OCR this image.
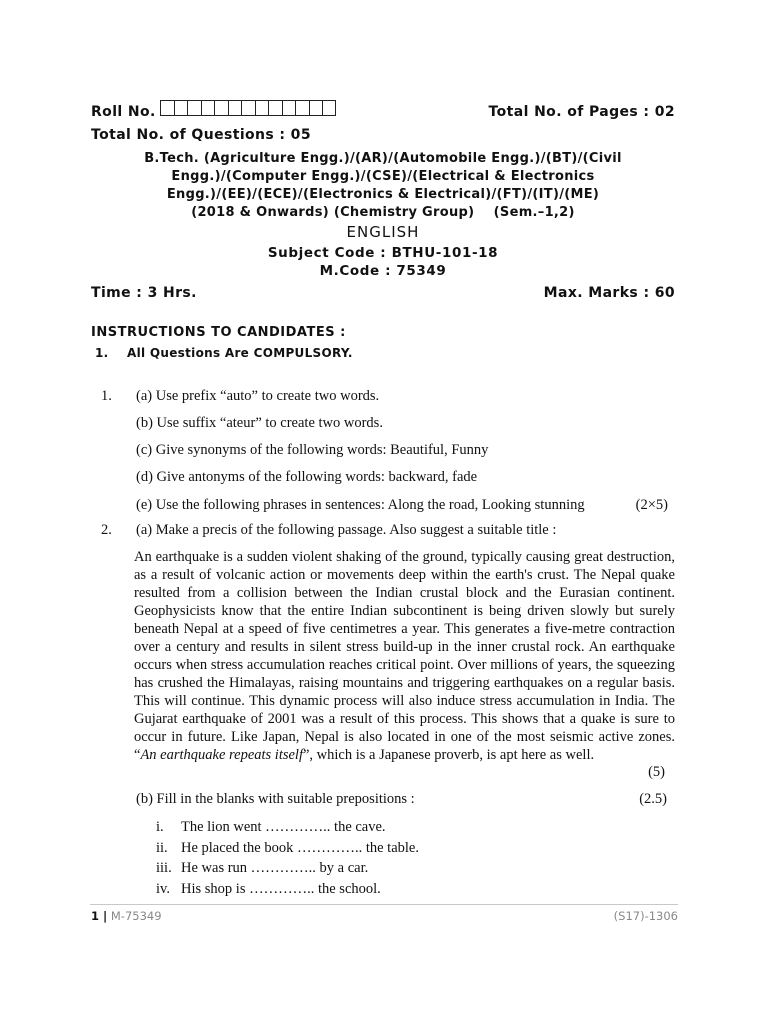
Roll No.	Total No. of Pages : 02
Total No. of Questions : 05
B.Tech. (Agriculture Engg.)/(AR)/(Automobile Engg.)/(BT)/(Civil
Engg.)/(Computer Engg.)/(CSE)/(Electrical & Electronics
Engg.)/(EE)/(ECE)/(Electronics & Electrical)/(FT)/(IT)/(ME)
(2018 & Onwards) (Chemistry Group)    (Sem.–1,2)
ENGLISH
Subject Code : BTHU-101-18
M.Code : 75349
Time : 3 Hrs.	Max. Marks : 60
INSTRUCTIONS TO CANDIDATES :
1. All Questions Are COMPULSORY.
1. (a) Use prefix “auto” to create two words.
(b) Use suffix “ateur” to create two words.
(c) Give synonyms of the following words: Beautiful, Funny
(d) Give antonyms of the following words: backward, fade
(e) Use the following phrases in sentences: Along the road, Looking stunning	(2×5)
2. (a) Make a precis of the following passage. Also suggest a suitable title :
An earthquake is a sudden violent shaking of the ground, typically causing great destruction, as a result of volcanic action or movements deep within the earth's crust. The Nepal quake resulted from a collision between the Indian crustal block and the Eurasian continent. Geophysicists know that the entire Indian subcontinent is being driven slowly but surely beneath Nepal at a speed of five centimetres a year. This generates a five-metre contraction over a century and results in silent stress build-up in the inner crustal rock. An earthquake occurs when stress accumulation reaches critical point. Over millions of years, the squeezing has crushed the Himalayas, raising mountains and triggering earthquakes on a regular basis. This will continue. This dynamic process will also induce stress accumulation in India. The Gujarat earthquake of 2001 was a result of this process. This shows that a quake is sure to occur in future. Like Japan, Nepal is also located in one of the most seismic active zones. “An earthquake repeats itself”, which is a Japanese proverb, is apt here as well.
(5)
(b) Fill in the blanks with suitable prepositions :	(2.5)
i.	The lion went ………….. the cave.
ii. He placed the book ………….. the table.
iii. He was run ………….. by a car.
iv. His shop is ………….. the school.
1 | M-75349	(S17)-1306
